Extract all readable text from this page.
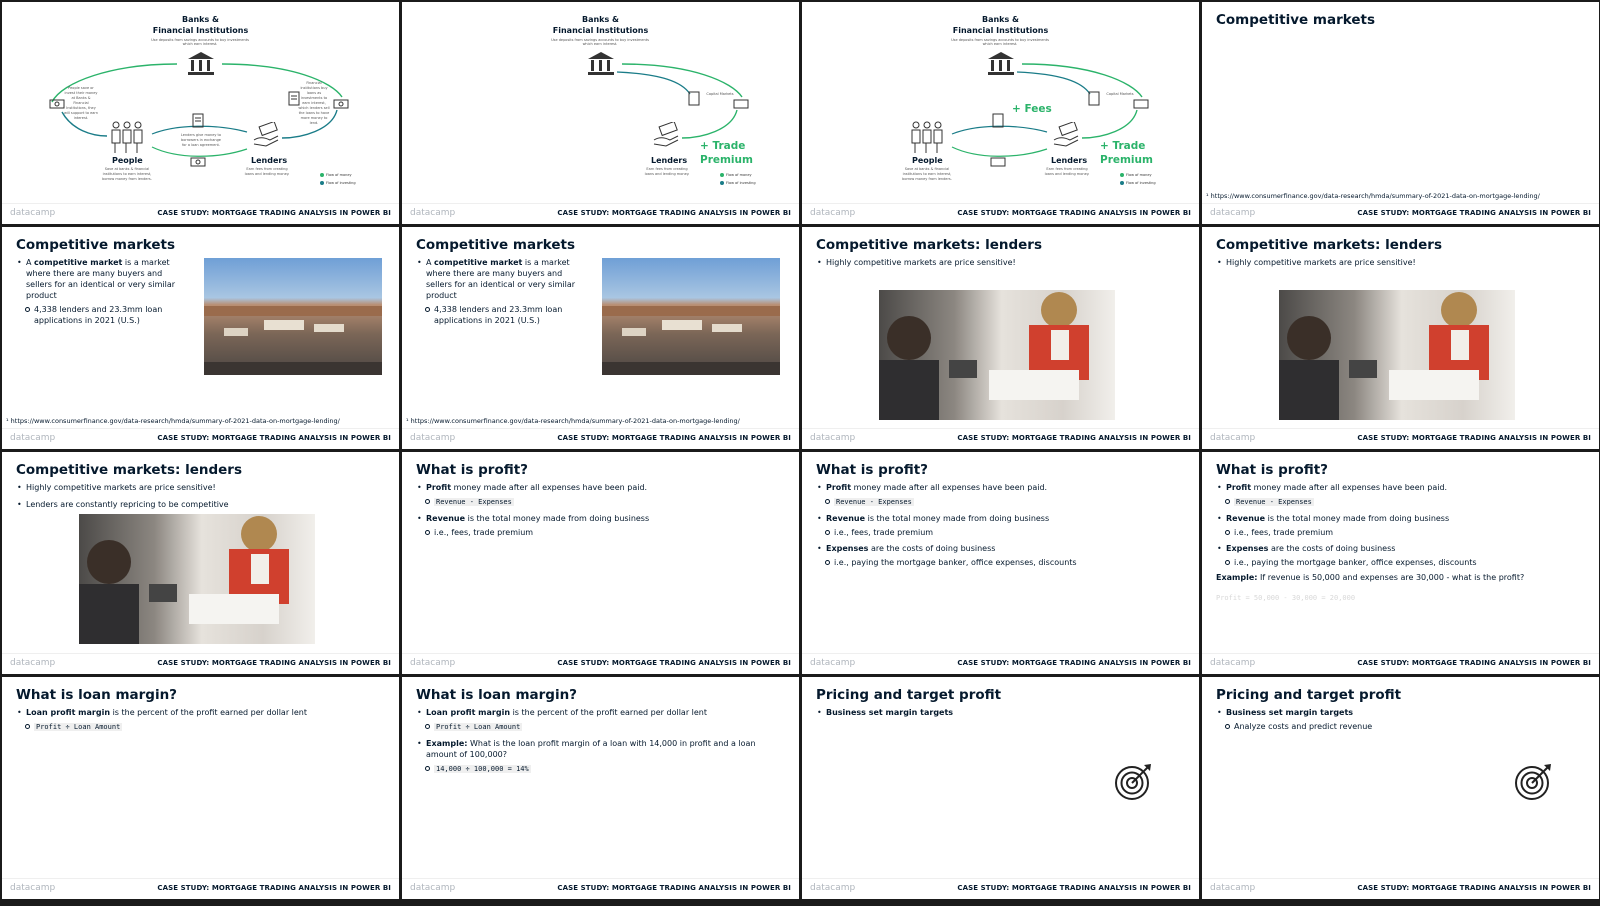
Banks &
Financial Institutions
Use deposits from savings accounts to buy investments which earn interest.
People
Save at banks & financial institutions to earn interest, borrow money from lenders.
Lenders
Earn fees from creating loans and lending money.
People save or invest their money at Banks & Financial Institutions, they will support to earn interest.
Lenders give money to borrowers in exchange for a loan agreement.
Financial institutions buy loans as investments to earn interest, which lenders sell the loans to have more money to lend.
Flow of money
Flow of investing
datacamp	CASE STUDY: MORTGAGE TRADING ANALYSIS IN POWER BI
Banks &
Financial Institutions
Use deposits from savings accounts to buy investments which earn interest.
Capital Markets
+ Trade
Premium
Lenders
Earn fees from creating loans and lending money.	Flow of money
Flow of investing
datacamp	CASE STUDY: MORTGAGE TRADING ANALYSIS IN POWER BI
Banks &
Financial Institutions
Use deposits from savings accounts to buy investments which earn interest.
Capital Markets
+ Fees
+ Trade
Premium
People
Save at banks & financial institutions to earn interest, borrow money from lenders.
Lenders
Earn fees from creating loans and lending money.	Flow of money
Flow of investing
datacamp	CASE STUDY: MORTGAGE TRADING ANALYSIS IN POWER BI
Competitive markets
¹ https://www.consumerfinance.gov/data-research/hmda/summary-of-2021-data-on-mortgage-lending/
datacamp	CASE STUDY: MORTGAGE TRADING ANALYSIS IN POWER BI
Competitive markets
• A competitive market is a market where there are many buyers and sellers for an identical or very similar product
4,338 lenders and 23.3mm loan applications in 2021 (U.S.)
¹ https://www.consumerfinance.gov/data-research/hmda/summary-of-2021-data-on-mortgage-lending/
datacamp	CASE STUDY: MORTGAGE TRADING ANALYSIS IN POWER BI
Competitive markets
• A competitive market is a market where there are many buyers and sellers for an identical or very similar product
4,338 lenders and 23.3mm loan applications in 2021 (U.S.)
¹ https://www.consumerfinance.gov/data-research/hmda/summary-of-2021-data-on-mortgage-lending/
datacamp	CASE STUDY: MORTGAGE TRADING ANALYSIS IN POWER BI
Competitive markets: lenders
• Highly competitive markets are price sensitive!
datacamp	CASE STUDY: MORTGAGE TRADING ANALYSIS IN POWER BI
Competitive markets: lenders
• Highly competitive markets are price sensitive!
datacamp	CASE STUDY: MORTGAGE TRADING ANALYSIS IN POWER BI
Competitive markets: lenders
• Highly competitive markets are price sensitive!
• Lenders are constantly repricing to be competitive
datacamp	CASE STUDY: MORTGAGE TRADING ANALYSIS IN POWER BI
What is profit?
• Profit money made after all expenses have been paid.
Revenue - Expenses
• Revenue is the total money made from doing business
i.e., fees, trade premium
datacamp	CASE STUDY: MORTGAGE TRADING ANALYSIS IN POWER BI
What is profit?
• Profit money made after all expenses have been paid.
Revenue - Expenses
• Revenue is the total money made from doing business
i.e., fees, trade premium
• Expenses are the costs of doing business
i.e., paying the mortgage banker, office expenses, discounts
datacamp	CASE STUDY: MORTGAGE TRADING ANALYSIS IN POWER BI
What is profit?
• Profit money made after all expenses have been paid.
Revenue - Expenses
• Revenue is the total money made from doing business
i.e., fees, trade premium
• Expenses are the costs of doing business
i.e., paying the mortgage banker, office expenses, discounts
Example: If revenue is 50,000 and expenses are 30,000 - what is the profit?
Profit = 50,000 - 30,000 = 20,000
datacamp	CASE STUDY: MORTGAGE TRADING ANALYSIS IN POWER BI
What is loan margin?
• Loan profit margin is the percent of the profit earned per dollar lent
Profit ÷ Loan Amount
datacamp	CASE STUDY: MORTGAGE TRADING ANALYSIS IN POWER BI
What is loan margin?
• Loan profit margin is the percent of the profit earned per dollar lent
Profit ÷ Loan Amount
• Example: What is the loan profit margin of a loan with 14,000 in profit and a loan amount of 100,000?
14,000 ÷ 100,000 = 14%
datacamp	CASE STUDY: MORTGAGE TRADING ANALYSIS IN POWER BI
Pricing and target profit
• Business set margin targets
datacamp	CASE STUDY: MORTGAGE TRADING ANALYSIS IN POWER BI
Pricing and target profit
• Business set margin targets
Analyze costs and predict revenue
datacamp	CASE STUDY: MORTGAGE TRADING ANALYSIS IN POWER BI
